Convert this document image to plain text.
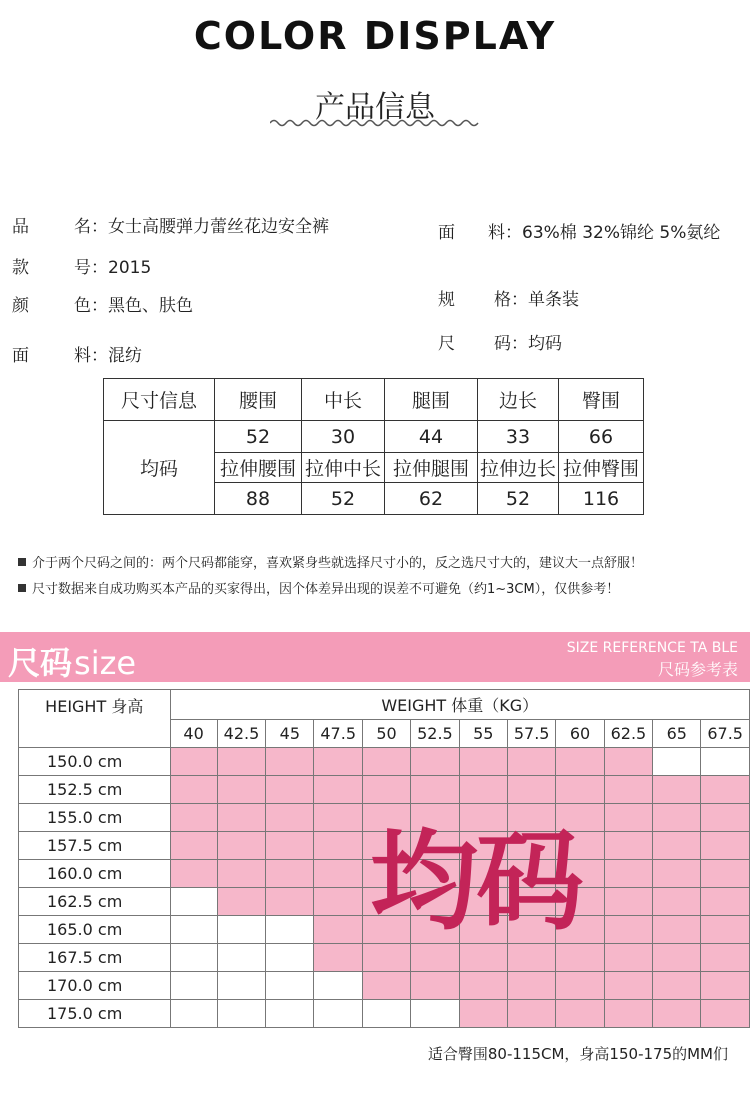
COLOR DISPLAY
产品信息
品	名：女士高腰弹力蕾丝花边安全裤
款	号：2015
颜	色：黑色、肤色
面	料：混纺
面 料：63%棉 32%锦纶 5%氨纶
规 格：单条装
尺 码：均码
尺寸信息	腰围	中长	腿围	边长	臀围
均码	52	30	44	33	66
	拉伸腰围	拉伸中长	拉伸腿围	拉伸边长	拉伸臀围
	88	52	62	52	116
介于两个尺码之间的：两个尺码都能穿，喜欢紧身些就选择尺寸小的，反之选尺寸大的，建议大一点舒服！
尺寸数据来自成功购买本产品的买家得出，因个体差异出现的误差不可避免（约1~3CM），仅供参考！
尺码size	SIZE REFERENCE TA BLE
尺码参考表
HEIGHT 身高	WEIGHT 体重（KG）											
	40	42.5	45	47.5	50	52.5	55	57.5	60	62.5	65	67.5
150.0 cm												
152.5 cm												
155.0 cm												
157.5 cm												
160.0 cm												
162.5 cm												
165.0 cm												
167.5 cm												
170.0 cm												
175.0 cm												
均码
适合臀围80-115CM，身高150-175的MM们
